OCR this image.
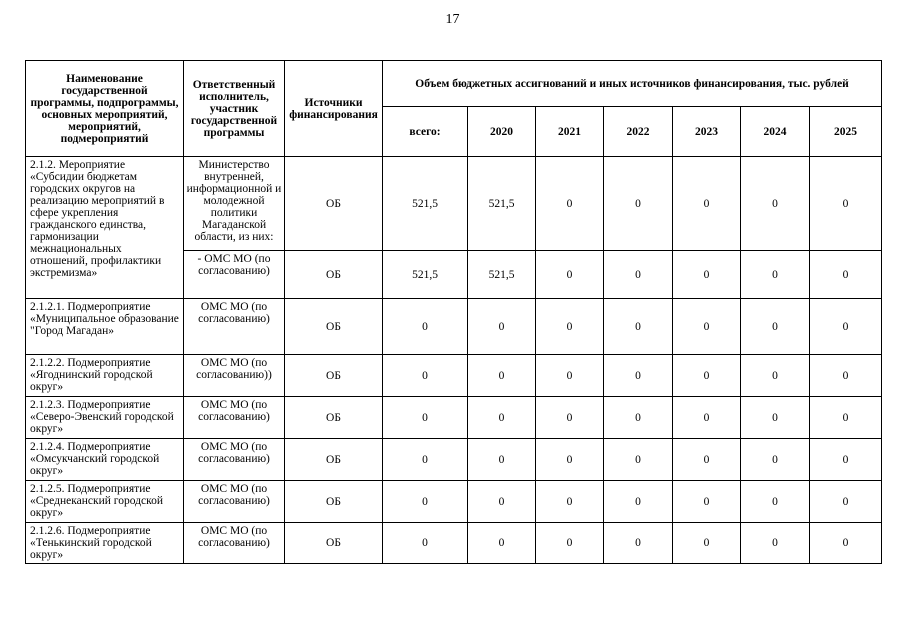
17
Наименование государственной программы, подпрограммы, основных мероприятий, мероприятий, подмероприятий	Ответственный исполнитель, участник государственной программы	Источники финансирования	Объем бюджетных ассигнований и иных источников финансирования, тыс. рублей						
			всего:	2020	2021	2022	2023	2024	2025
2.1.2. Мероприятие «Субсидии бюджетам городских округов на реализацию мероприятий в сфере укрепления гражданского единства, гармонизации межнациональных отношений, профилактики экстремизма»	Министерство внутренней, информационной и молодежной политики Магаданской области, из них:	ОБ	521,5	521,5	0	0	0	0	0
	- ОМС МО (по согласованию)	ОБ	521,5	521,5	0	0	0	0	0
2.1.2.1. Подмероприятие «Муниципальное образование "Город Магадан»	ОМС МО (по согласованию)	ОБ	0	0	0	0	0	0	0
2.1.2.2. Подмероприятие «Ягоднинский городской округ»	ОМС МО (по согласованию))	ОБ	0	0	0	0	0	0	0
2.1.2.3. Подмероприятие «Северо-Эвенский городской округ»	ОМС МО (по согласованию)	ОБ	0	0	0	0	0	0	0
2.1.2.4. Подмероприятие «Омсукчанский городской округ»	ОМС МО (по согласованию)	ОБ	0	0	0	0	0	0	0
2.1.2.5. Подмероприятие «Среднеканский городской округ»	ОМС МО (по согласованию)	ОБ	0	0	0	0	0	0	0
2.1.2.6. Подмероприятие «Тенькинский городской округ»	ОМС МО (по согласованию)	ОБ	0	0	0	0	0	0	0
